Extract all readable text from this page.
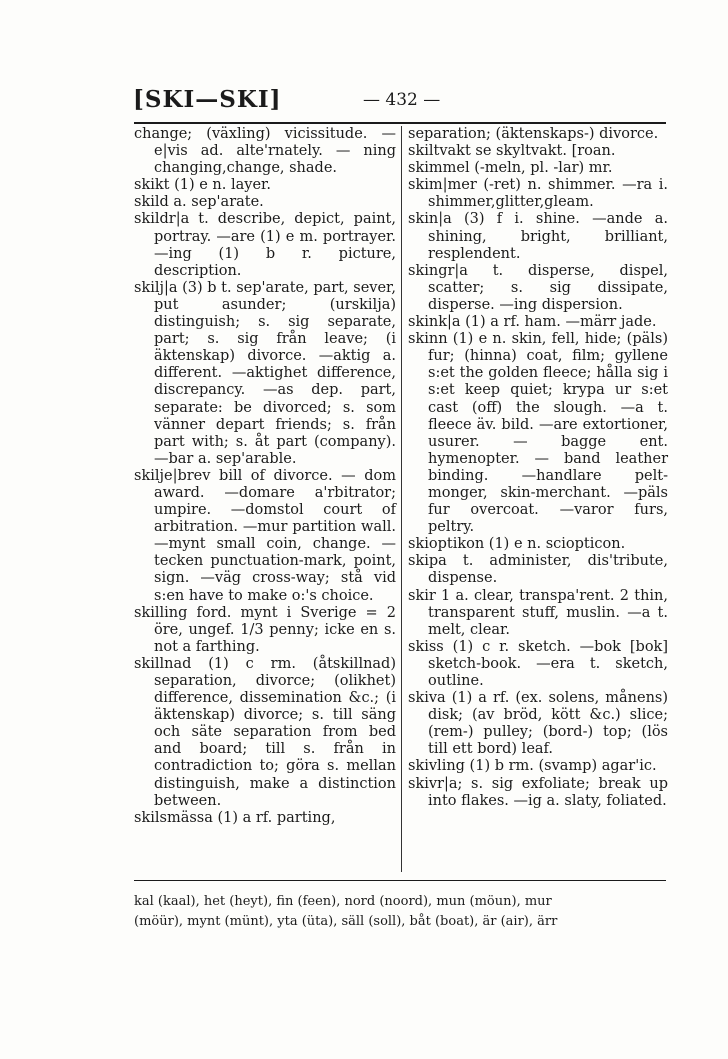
[SKI—SKI]	— 432 —

change; (växling) vicissitude. —e|vis ad. alte'rnately. — ning changing,change, shade.

skikt (1) e n. layer.

skild a. sep'arate.

skildr|a t. describe, depict, paint, portray. —are (1) e m. portrayer. —ing (1) b r. picture, description.

skilj|a (3) b t. sep'arate, part, sever, put asunder; (urskilja) distinguish; s. sig separate, part; s. sig från leave; (i äktenskap) divorce. —aktig a. different. —aktighet difference, discrepancy. —as dep. part, separate: be divorced; s. som vänner depart friends; s. från part with; s. åt part (company). —bar a. sep'arable.

skilje|brev bill of divorce. — dom award. —domare a'rbitrator; umpire. —domstol court of arbitration. —mur partition wall. —mynt small coin, change. —tecken punctuation-mark, point, sign. —väg cross-way; stå vid s:en have to make o:'s choice.

skilling ford. mynt i Sverige = 2 öre, ungef. 1/3 penny; icke en s. not a farthing.

skillnad (1) c rm. (åtskillnad) separation, divorce; (olikhet) difference, dissemination &c.; (i äktenskap) divorce; s. till säng och säte separation from bed and board; till s. från in contradiction to; göra s. mellan distinguish, make a distinction between.

skilsmässa (1) a rf. parting,

separation; (äktenskaps-) divorce.

skiltvakt se skyltvakt. [roan.

skimmel (-meln, pl. -lar) mr.

skim|mer (-ret) n. shimmer. —ra i. shimmer,glitter,gleam.

skin|a (3) f i. shine. —ande a. shining, bright, brilliant, resplendent.

skingr|a t. disperse, dispel, scatter; s. sig dissipate, disperse. —ing dispersion.

skink|a (1) a rf. ham. —märr jade.

skinn (1) e n. skin, fell, hide; (päls) fur; (hinna) coat, film; gyllene s:et the golden fleece; hålla sig i s:et keep quiet; krypa ur s:et cast (off) the slough. —a t. fleece äv. bild. —are extortioner, usurer. — bagge ent. hymenopter. — band leather binding. —handlare pelt-monger, skin-merchant. —päls fur overcoat. —varor furs, peltry.

skioptikon (1) e n. sciopticon.

skipa t. administer, dis'tribute, dispense.

skir 1 a. clear, transpa'rent. 2 thin, transparent stuff, muslin. —a t. melt, clear.

skiss (1) c r. sketch. —bok [bok] sketch-book. —era t. sketch, outline.

skiva (1) a rf. (ex. solens, månens) disk; (av bröd, kött &c.) slice; (rem-) pulley; (bord-) top; (lös till ett bord) leaf.

skivling (1) b rm. (svamp) agar'ic.

skivr|a; s. sig exfoliate; break up into flakes. —ig a. slaty, foliated.

kal (kaal), het (heyt), fin (feen), nord (noord), mun (möun), mur

(möür), mynt (münt), yta (üta), säll (soll), båt (boat), är (air), ärr
